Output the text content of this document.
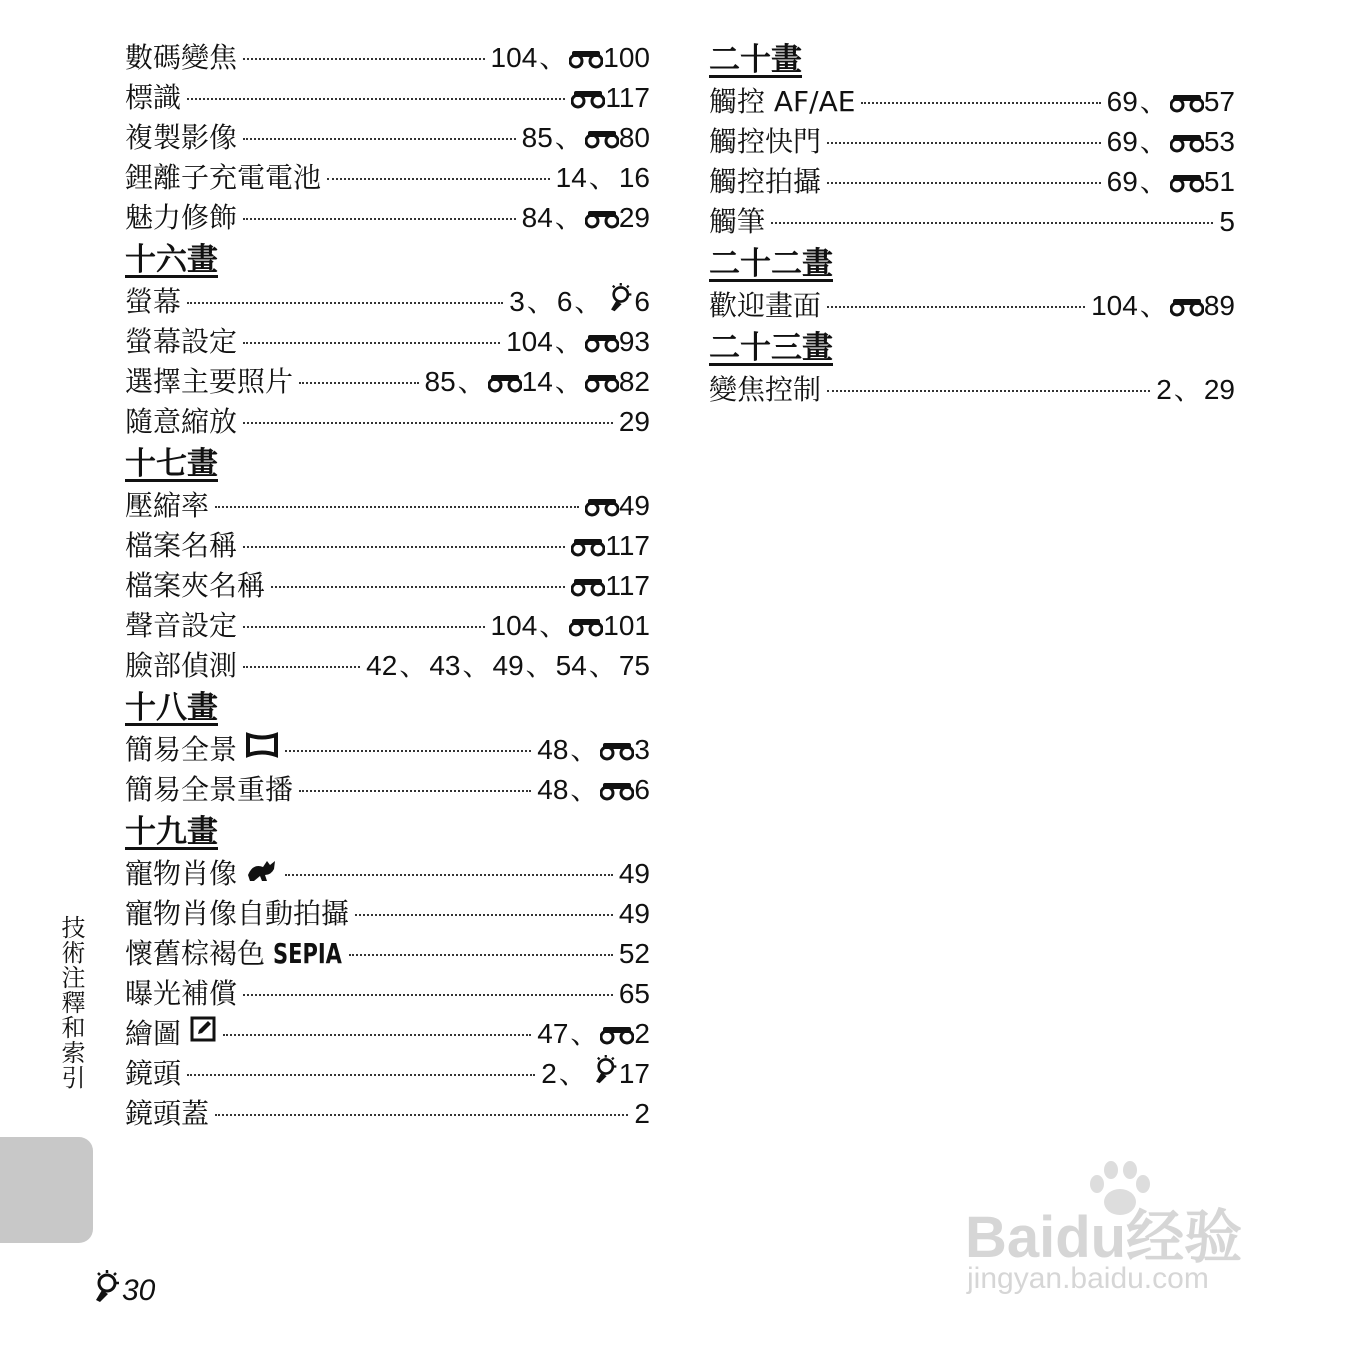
數碼變焦	104、 100
標識	117
複製影像	85、 80
鋰離子充電電池	14、16
魅力修飾	84、 29
十六畫
螢幕	3、6、 6
螢幕設定	104、 93
選擇主要照片	85、 14、 82
隨意縮放	29
十七畫
壓縮率	49
檔案名稱	117
檔案夾名稱	117
聲音設定	104、 101
臉部偵測	42、43、49、54、75
十八畫
簡易全景	48、 3
簡易全景重播	48、 6
十九畫
寵物肖像	49
寵物肖像自動拍攝	49
懷舊棕褐色 SEPIA	52
曝光補償	65
繪圖	47、 2
鏡頭	2、 17
鏡頭蓋	2
二十畫
觸控 AF/AE	69、 57
觸控快門	69、 53
觸控拍攝	69、 51
觸筆	5
二十二畫
歡迎畫面	104、 89
二十三畫
變焦控制	2、29
技術注釋和索引
30
Baidu经验
jingyan.baidu.com
